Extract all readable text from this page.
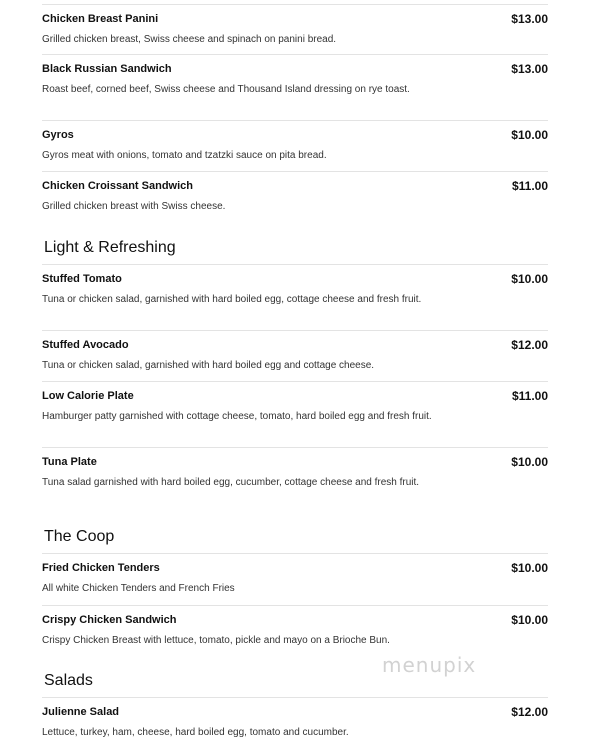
Chicken Breast Panini	$13.00
Grilled chicken breast, Swiss cheese and spinach on panini bread.
Black Russian Sandwich	$13.00
Roast beef, corned beef, Swiss cheese and Thousand Island dressing on rye toast.
Gyros	$10.00
Gyros meat with onions, tomato and tzatzki sauce on pita bread.
Chicken Croissant Sandwich	$11.00
Grilled chicken breast with Swiss cheese.
Light & Refreshing
Stuffed Tomato	$10.00
Tuna or chicken salad, garnished with hard boiled egg, cottage cheese and fresh fruit.
Stuffed Avocado	$12.00
Tuna or chicken salad, garnished with hard boiled egg and cottage cheese.
Low Calorie Plate	$11.00
Hamburger patty garnished with cottage cheese, tomato, hard boiled egg and fresh fruit.
Tuna Plate	$10.00
Tuna salad garnished with hard boiled egg, cucumber, cottage cheese and fresh fruit.
The Coop
Fried Chicken Tenders	$10.00
All white Chicken Tenders and French Fries
Crispy Chicken Sandwich	$10.00
Crispy Chicken Breast with lettuce, tomato, pickle and mayo on a Brioche Bun.
Salads
Julienne Salad	$12.00
Lettuce, turkey, ham, cheese, hard boiled egg, tomato and cucumber.
menupix
